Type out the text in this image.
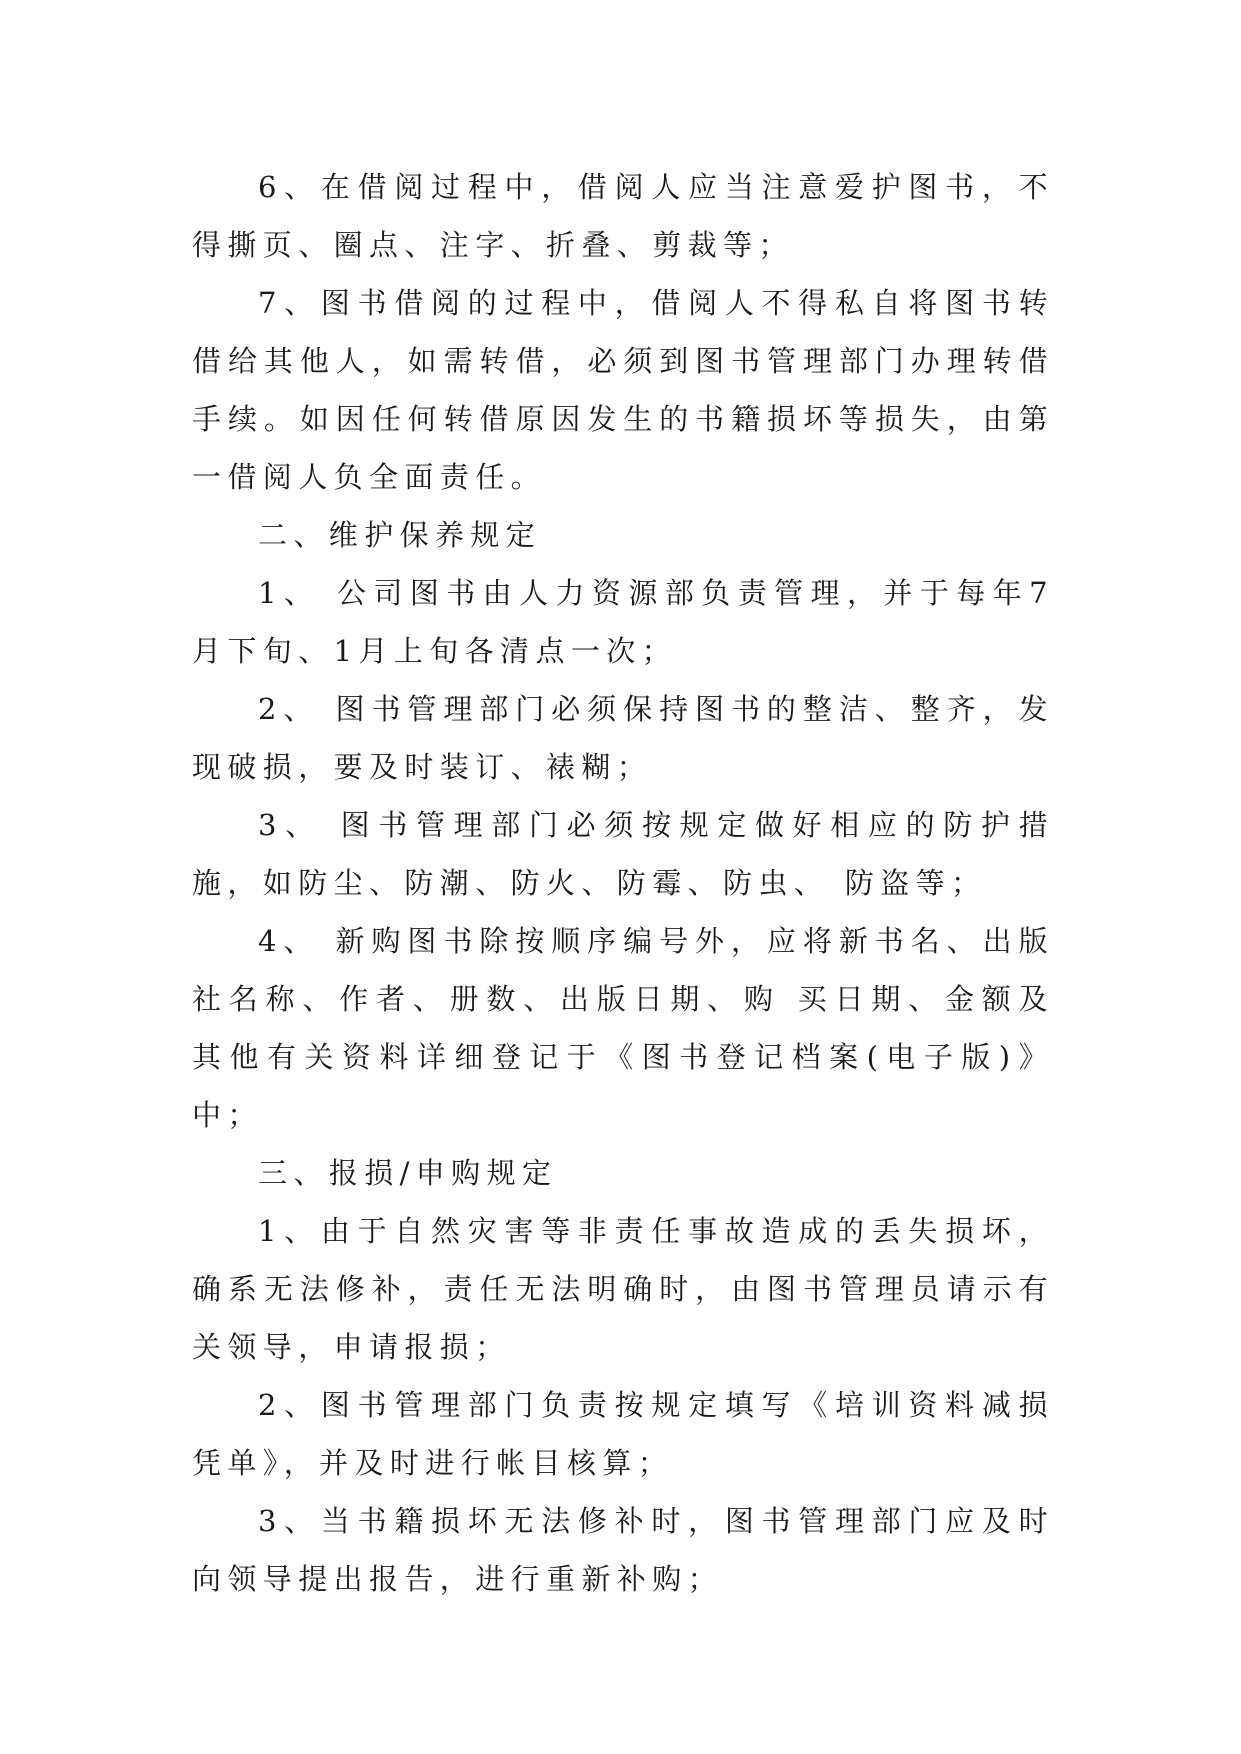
6、在借阅过程中，借阅人应当注意爱护图书，不得撕页、圈点、注字、折叠、剪裁等；

7、图书借阅的过程中，借阅人不得私自将图书转借给其他人，如需转借，必须到图书管理部门办理转借手续。如因任何转借原因发生的书籍损坏等损失，由第一借阅人负全面责任。

二、维护保养规定

1、 公司图书由人力资源部负责管理，并于每年7月下旬、1月上旬各清点一次；

2、 图书管理部门必须保持图书的整洁、整齐，发现破损，要及时装订、裱糊；

3、 图书管理部门必须按规定做好相应的防护措施，如防尘、防潮、防火、防霉、防虫、 防盗等；

4、 新购图书除按顺序编号外，应将新书名、出版社名称、作者、册数、出版日期、购 买日期、金额及其他有关资料详细登记于《图书登记档案(电子版)》中；

三、报损/申购规定

1、由于自然灾害等非责任事故造成的丢失损坏，确系无法修补，责任无法明确时，由图书管理员请示有关领导，申请报损；

2、图书管理部门负责按规定填写《培训资料减损凭单》，并及时进行帐目核算；

3、当书籍损坏无法修补时，图书管理部门应及时向领导提出报告，进行重新补购；
